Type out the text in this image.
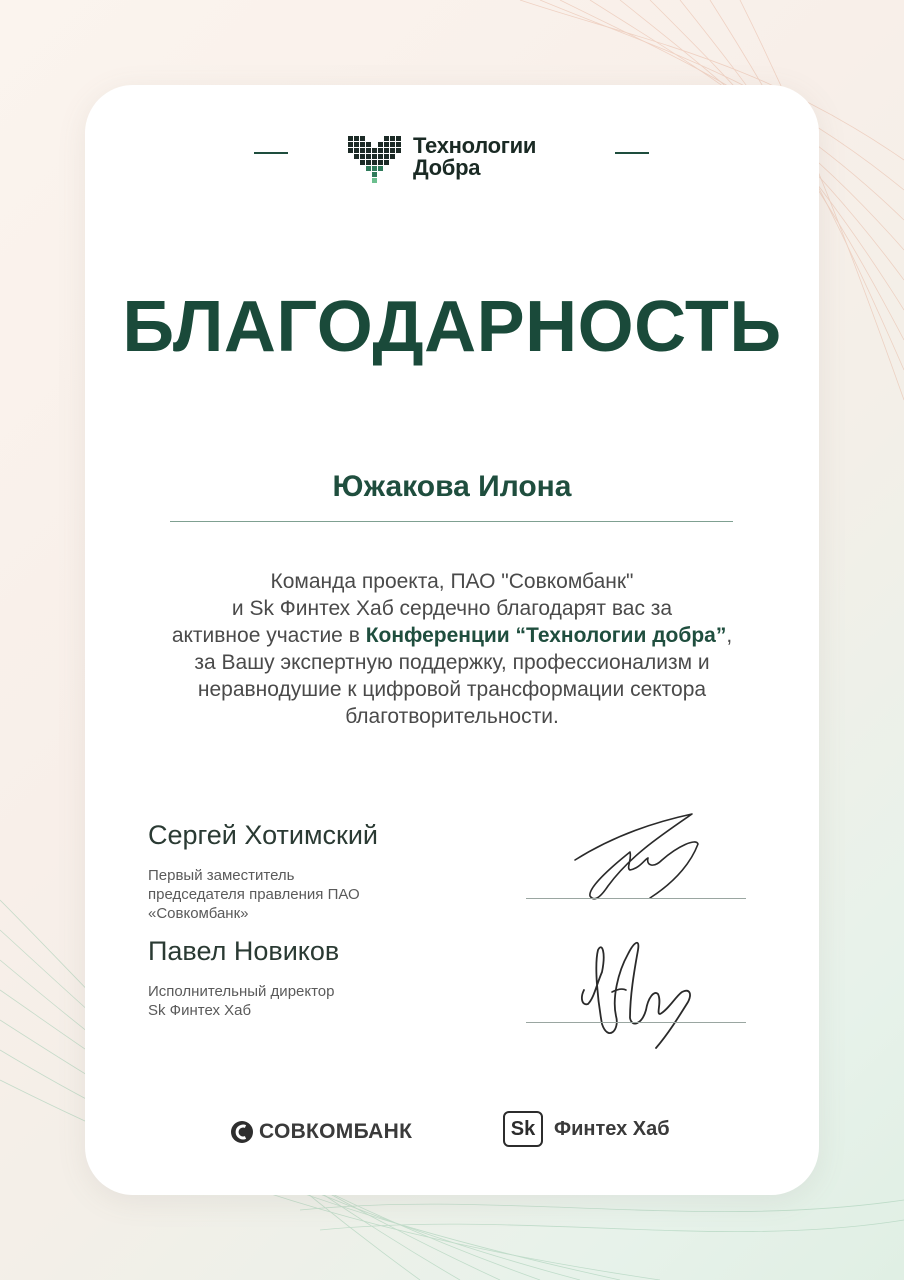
Технологии
Добра
БЛАГОДАРНОСТЬ
Южакова Илона
Команда проекта, ПАО "Совкомбанк"
и Sk Финтех Хаб сердечно благодарят вас за
активное участие в Конференции “Технологии добра”,
за Вашу экспертную поддержку, профессионализм и
неравнодушие к цифровой трансформации сектора
благотворительности.
Сергей Хотимский
Первый заместитель
председателя правления ПАО
«Совкомбанк»
Павел Новиков
Исполнительный директор
Sk Финтех Хаб
СОВКОМБАНК	Sk Финтех Хаб
